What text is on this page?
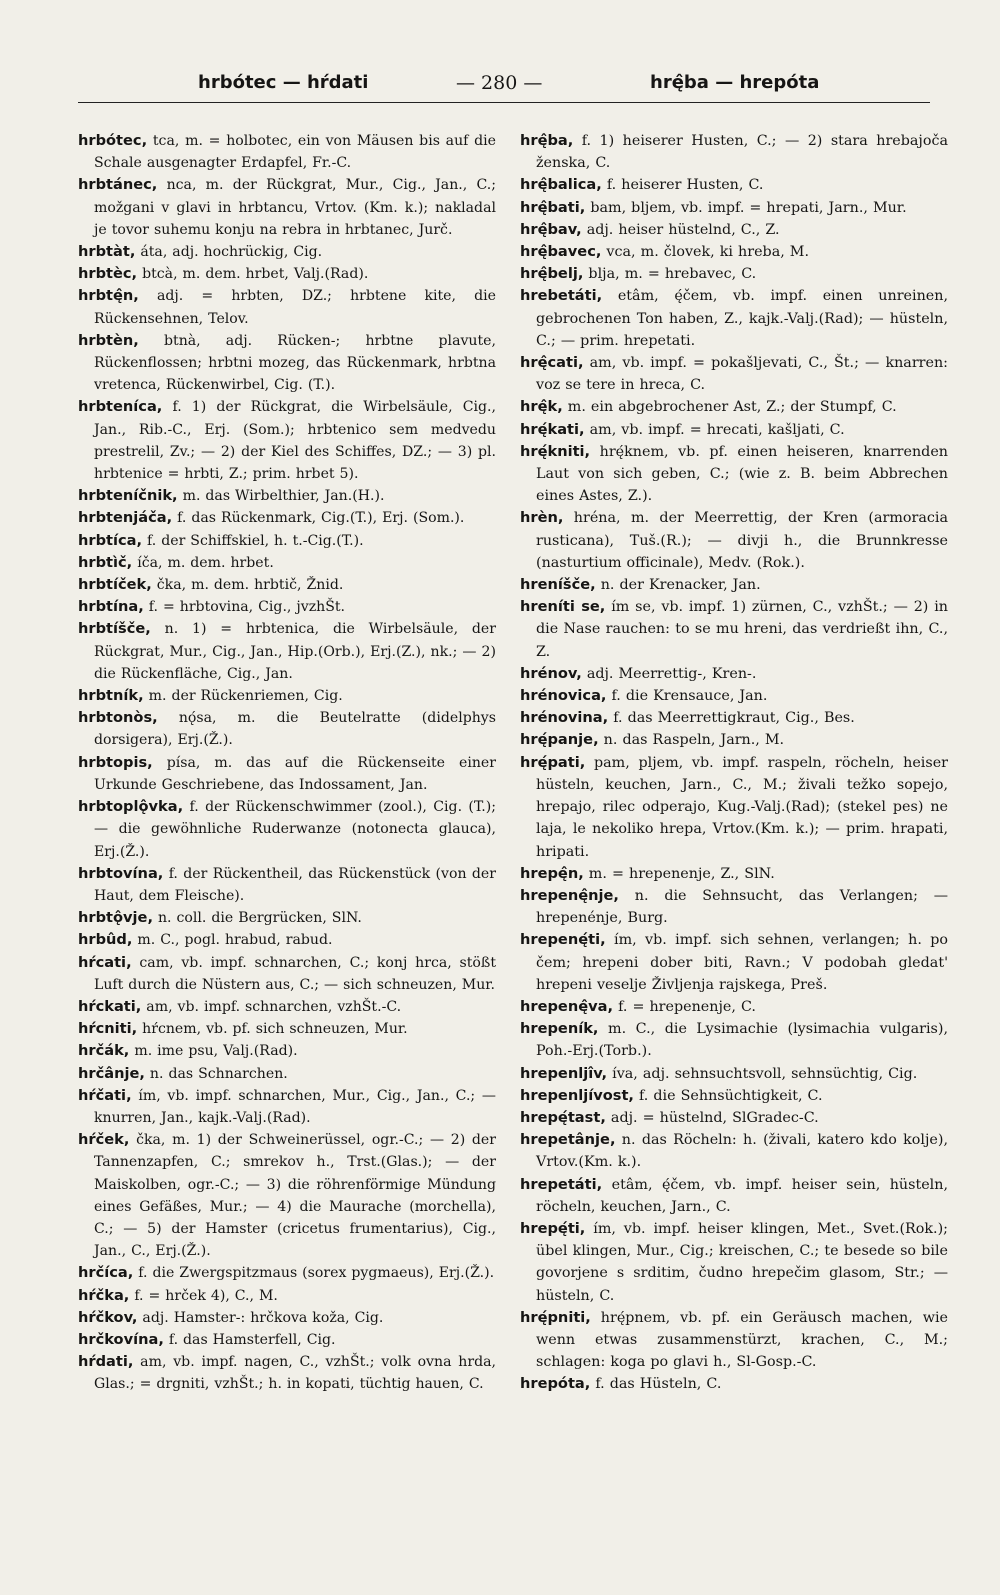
hrbótec — hŕdati	— 280 —	hrę̂ba — hrepóta

hrbótec, tca, m. = holbotec, ein von Mäusen bis auf die Schale ausgenagter Erdapfel, Fr.-C.

hrbtánec, nca, m. der Rückgrat, Mur., Cig., Jan., C.; možgani v glavi in hrbtancu, Vrtov. (Km. k.); nakladal je tovor suhemu konju na rebra in hrbtanec, Jurč.

hrbtàt, áta, adj. hochrückig, Cig.

hrbtèc, btcà, m. dem. hrbet, Valj.(Rad).

hrbtę̂n, adj. = hrbten, DZ.; hrbtene kite, die Rückensehnen, Telov.

hrbtèn, btnà, adj. Rücken-; hrbtne plavute, Rückenflossen; hrbtni mozeg, das Rückenmark, hrbtna vretenca, Rückenwirbel, Cig. (T.).

hrbteníca, f. 1) der Rückgrat, die Wirbelsäule, Cig., Jan., Rib.-C., Erj. (Som.); hrbtenico sem medvedu prestrelil, Zv.; — 2) der Kiel des Schiffes, DZ.; — 3) pl. hrbtenice = hrbti, Z.; prim. hrbet 5).

hrbteníčnik, m. das Wirbelthier, Jan.(H.).

hrbtenjáča, f. das Rückenmark, Cig.(T.), Erj. (Som.).

hrbtíca, f. der Schiffskiel, h. t.-Cig.(T.).

hrbtìč, íča, m. dem. hrbet.

hrbtíček, čka, m. dem. hrbtič, Žnid.

hrbtína, f. = hrbtovina, Cig., jvzhŠt.

hrbtíšče, n. 1) = hrbtenica, die Wirbelsäule, der Rückgrat, Mur., Cig., Jan., Hip.(Orb.), Erj.(Z.), nk.; — 2) die Rückenfläche, Cig., Jan.

hrbtník, m. der Rückenriemen, Cig.

hrbtonòs, nǫ́sa, m. die Beutelratte (didelphys dorsigera), Erj.(Ž.).

hrbtopis, písa, m. das auf die Rückenseite einer Urkunde Geschriebene, das Indossament, Jan.

hrbtoplǫ̂vka, f. der Rückenschwimmer (zool.), Cig. (T.); — die gewöhnliche Ruderwanze (notonecta glauca), Erj.(Ž.).

hrbtovína, f. der Rückentheil, das Rückenstück (von der Haut, dem Fleische).

hrbtǫ̂vje, n. coll. die Bergrücken, SlN.

hrbûd, m. C., pogl. hrabud, rabud.

hŕcati, cam, vb. impf. schnarchen, C.; konj hrca, stößt Luft durch die Nüstern aus, C.; — sich schneuzen, Mur.

hŕckati, am, vb. impf. schnarchen, vzhŠt.-C.

hŕcniti, hŕcnem, vb. pf. sich schneuzen, Mur.

hrčák, m. ime psu, Valj.(Rad).

hrčânje, n. das Schnarchen.

hŕčati, ím, vb. impf. schnarchen, Mur., Cig., Jan., C.; — knurren, Jan., kajk.-Valj.(Rad).

hŕček, čka, m. 1) der Schweinerüssel, ogr.-C.; — 2) der Tannenzapfen, C.; smrekov h., Trst.(Glas.); — der Maiskolben, ogr.-C.; — 3) die röhrenförmige Mündung eines Gefäßes, Mur.; — 4) die Maurache (morchella), C.; — 5) der Hamster (cricetus frumentarius), Cig., Jan., C., Erj.(Ž.).

hrčíca, f. die Zwergspitzmaus (sorex pygmaeus), Erj.(Ž.).

hŕčka, f. = hrček 4), C., M.

hŕčkov, adj. Hamster-: hrčkova koža, Cig.

hrčkovína, f. das Hamsterfell, Cig.

hŕdati, am, vb. impf. nagen, C., vzhŠt.; volk ovna hrda, Glas.; = drgniti, vzhŠt.; h. in kopati, tüchtig hauen, C.

hrę̂ba, f. 1) heiserer Husten, C.; — 2) stara hrebajoča ženska, C.

hrę̂balica, f. heiserer Husten, C.

hrę̂bati, bam, bljem, vb. impf. = hrepati, Jarn., Mur.

hrę̂bav, adj. heiser hüstelnd, C., Z.

hrę̂bavec, vca, m. človek, ki hreba, M.

hrę̂belj, blja, m. = hrebavec, C.

hrebetáti, etâm, ę́čem, vb. impf. einen unreinen, gebrochenen Ton haben, Z., kajk.-Valj.(Rad); — hüsteln, C.; — prim. hrepetati.

hrę̂cati, am, vb. impf. = pokašljevati, C., Št.; — knarren: voz se tere in hreca, C.

hrę̂k, m. ein abgebrochener Ast, Z.; der Stumpf, C.

hrę́kati, am, vb. impf. = hrecati, kašljati, C.

hrę́kniti, hrę́knem, vb. pf. einen heiseren, knarrenden Laut von sich geben, C.; (wie z. B. beim Abbrechen eines Astes, Z.).

hrèn, hréna, m. der Meerrettig, der Kren (armoracia rusticana), Tuš.(R.); — divji h., die Brunnkresse (nasturtium officinale), Medv. (Rok.).

hreníšče, n. der Krenacker, Jan.

hreníti se, ím se, vb. impf. 1) zürnen, C., vzhŠt.; — 2) in die Nase rauchen: to se mu hreni, das verdrießt ihn, C., Z.

hrénov, adj. Meerrettig-, Kren-.

hrénovica, f. die Krensauce, Jan.

hrénovina, f. das Meerrettigkraut, Cig., Bes.

hrę́panje, n. das Raspeln, Jarn., M.

hrę́pati, pam, pljem, vb. impf. raspeln, röcheln, heiser hüsteln, keuchen, Jarn., C., M.; živali težko sopejo, hrepajo, rilec odperajo, Kug.-Valj.(Rad); (stekel pes) ne laja, le nekoliko hrepa, Vrtov.(Km. k.); — prim. hrapati, hripati.

hrepę̂n, m. = hrepenenje, Z., SlN.

hrepenę̂nje, n. die Sehnsucht, das Verlangen; — hrepenénje, Burg.

hrepenę́ti, ím, vb. impf. sich sehnen, verlangen; h. po čem; hrepeni dober biti, Ravn.; V podobah gledat' hrepeni veselje Življenja rajskega, Preš.

hrepenę̂va, f. = hrepenenje, C.

hrepeník, m. C., die Lysimachie (lysimachia vulgaris), Poh.-Erj.(Torb.).

hrepenljı̂v, íva, adj. sehnsuchtsvoll, sehnsüchtig, Cig.

hrepenljívost, f. die Sehnsüchtigkeit, C.

hrepę́tast, adj. = hüstelnd, SlGradec-C.

hrepetânje, n. das Röcheln: h. (živali, katero kdo kolje), Vrtov.(Km. k.).

hrepetáti, etâm, ę́čem, vb. impf. heiser sein, hüsteln, röcheln, keuchen, Jarn., C.

hrepę́ti, ím, vb. impf. heiser klingen, Met., Svet.(Rok.); übel klingen, Mur., Cig.; kreischen, C.; te besede so bile govorjene s srditim, čudno hrepečim glasom, Str.; — hüsteln, C.

hrę́pniti, hrę́pnem, vb. pf. ein Geräusch machen, wie wenn etwas zusammenstürzt, krachen, C., M.; schlagen: koga po glavi h., Sl-Gosp.-C.

hrepóta, f. das Hüsteln, C.
